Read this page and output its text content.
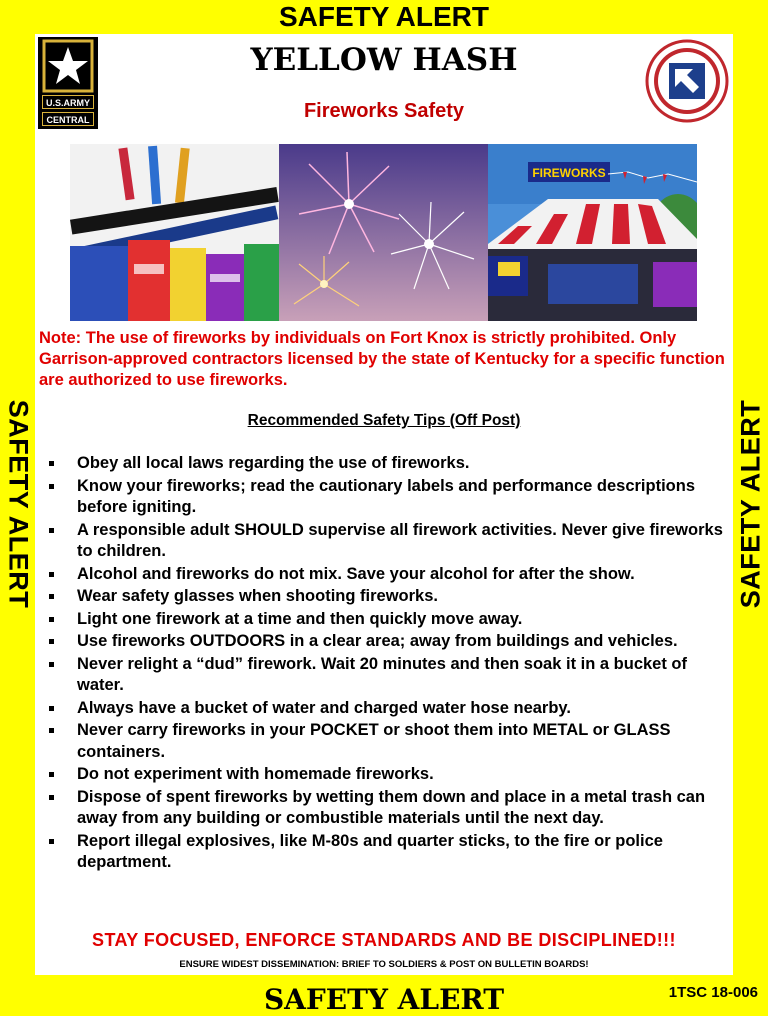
SAFETY ALERT
SAFETY ALERT	SAFETY ALERT
U.S.ARMY
CENTRAL
YELLOW HASH
Fireworks Safety
FIREWORKS
Note: The use of fireworks by individuals on Fort Knox is strictly prohibited. Only Garrison-approved contractors licensed by the state of Kentucky for a specific function are authorized to use fireworks.
Recommended Safety Tips (Off Post)
Obey all local laws regarding the use of fireworks.
Know your fireworks; read the cautionary labels and performance descriptions before igniting.
A responsible adult SHOULD supervise all firework activities. Never give fireworks to children.
Alcohol and fireworks do not mix. Save your alcohol for after the show.
Wear safety glasses when shooting fireworks.
Light one firework at a time and then quickly move away.
Use fireworks OUTDOORS in a clear area; away from buildings and vehicles.
Never relight a “dud” firework. Wait 20 minutes and then soak it in a bucket of water.
Always have a bucket of water and charged water hose nearby.
Never carry fireworks in your POCKET or shoot them into METAL or GLASS containers.
Do not experiment with homemade fireworks.
Dispose of spent fireworks by wetting them down and place in a metal trash can away from any building or combustible materials until the next day.
Report illegal explosives, like M-80s and quarter sticks, to the fire or police department.
STAY FOCUSED, ENFORCE STANDARDS AND BE DISCIPLINED!!!
ENSURE WIDEST DISSEMINATION: BRIEF TO SOLDIERS & POST ON BULLETIN BOARDS!
SAFETY ALERT	1TSC 18-006
